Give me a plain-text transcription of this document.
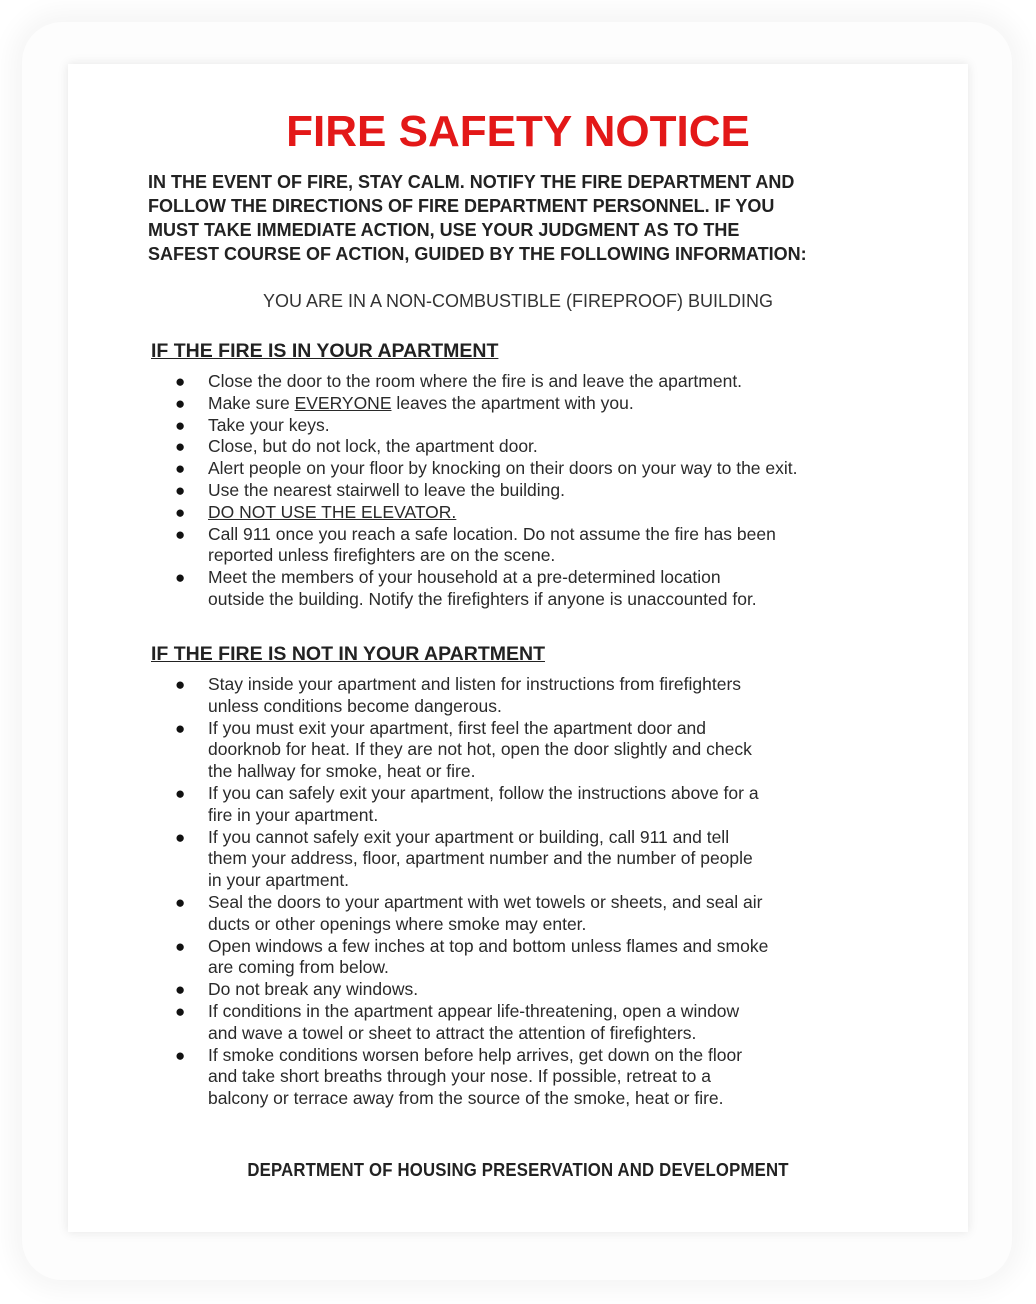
FIRE SAFETY NOTICE

IN THE EVENT OF FIRE, STAY CALM. NOTIFY THE FIRE DEPARTMENT AND
FOLLOW THE DIRECTIONS OF FIRE DEPARTMENT PERSONNEL. IF YOU
MUST TAKE IMMEDIATE ACTION, USE YOUR JUDGMENT AS TO THE
SAFEST COURSE OF ACTION, GUIDED BY THE FOLLOWING INFORMATION:

YOU ARE IN A NON-COMBUSTIBLE (FIREPROOF) BUILDING

IF THE FIRE IS IN YOUR APARTMENT
● Close the door to the room where the fire is and leave the apartment.
● Make sure EVERYONE leaves the apartment with you.
● Take your keys.
● Close, but do not lock, the apartment door.
● Alert people on your floor by knocking on their doors on your way to the exit.
● Use the nearest stairwell to leave the building.
● DO NOT USE THE ELEVATOR.
● Call 911 once you reach a safe location. Do not assume the fire has been
reported unless firefighters are on the scene.
● Meet the members of your household at a pre-determined location
outside the building. Notify the firefighters if anyone is unaccounted for.
IF THE FIRE IS NOT IN YOUR APARTMENT
● Stay inside your apartment and listen for instructions from firefighters
unless conditions become dangerous.
● If you must exit your apartment, first feel the apartment door and
doorknob for heat. If they are not hot, open the door slightly and check
the hallway for smoke, heat or fire.
● If you can safely exit your apartment, follow the instructions above for a
fire in your apartment.
● If you cannot safely exit your apartment or building, call 911 and tell
them your address, floor, apartment number and the number of people
in your apartment.
● Seal the doors to your apartment with wet towels or sheets, and seal air
ducts or other openings where smoke may enter.
● Open windows a few inches at top and bottom unless flames and smoke
are coming from below.
● Do not break any windows.
● If conditions in the apartment appear life-threatening, open a window
and wave a towel or sheet to attract the attention of firefighters.
● If smoke conditions worsen before help arrives, get down on the floor
and take short breaths through your nose. If possible, retreat to a
balcony or terrace away from the source of the smoke, heat or fire.

DEPARTMENT OF HOUSING PRESERVATION AND DEVELOPMENT
